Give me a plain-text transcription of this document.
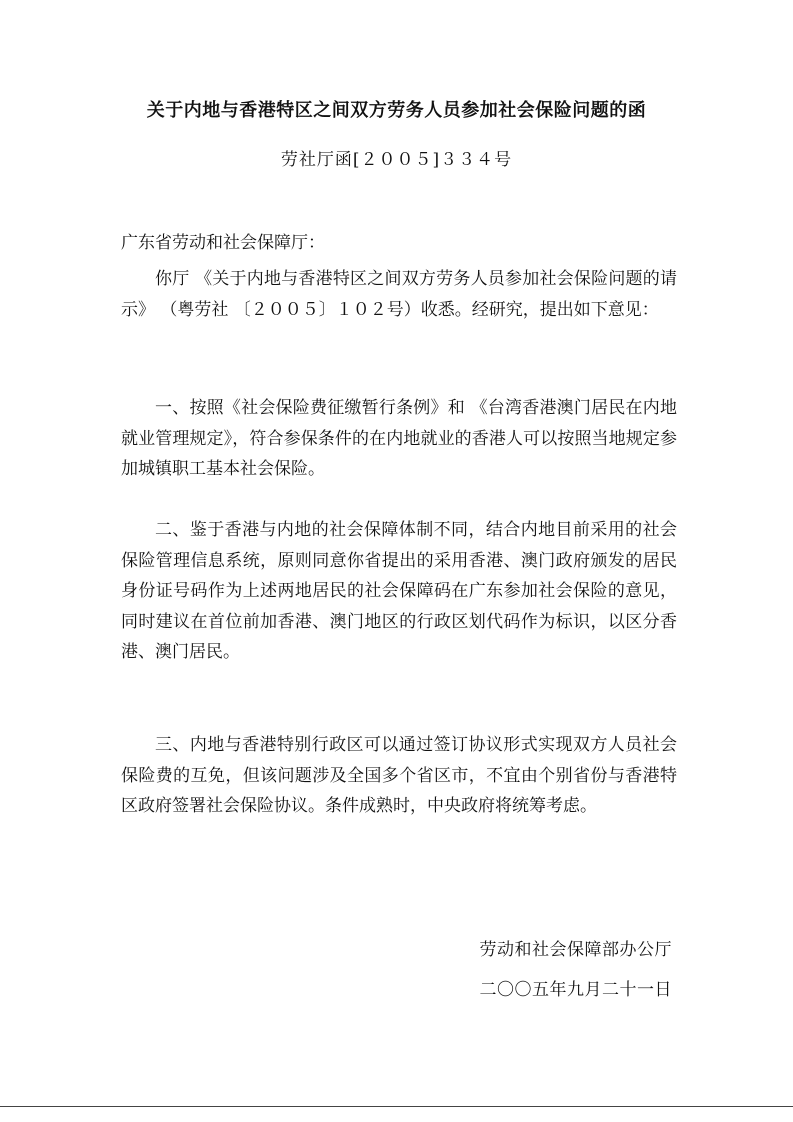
关于内地与香港特区之间双方劳务人员参加社会保险问题的函
劳社厅函[２００５]３３４号
广东省劳动和社会保障厅：

你厅 《关于内地与香港特区之间双方劳务人员参加社会保险问题的请示》 （粤劳社 〔２００５〕１０２号）收悉。经研究，提出如下意见：

一、按照《社会保险费征缴暂行条例》和 《台湾香港澳门居民在内地就业管理规定》，符合参保条件的在内地就业的香港人可以按照当地规定参加城镇职工基本社会保险。

二、鉴于香港与内地的社会保障体制不同，结合内地目前采用的社会保险管理信息系统，原则同意你省提出的采用香港、澳门政府颁发的居民身份证号码作为上述两地居民的社会保障码在广东参加社会保险的意见，同时建议在首位前加香港、澳门地区的行政区划代码作为标识，以区分香港、澳门居民。

三、内地与香港特别行政区可以通过签订协议形式实现双方人员社会保险费的互免，但该问题涉及全国多个省区市，不宜由个别省份与香港特区政府签署社会保险协议。条件成熟时，中央政府将统筹考虑。

劳动和社会保障部办公厅
二〇〇五年九月二十一日
